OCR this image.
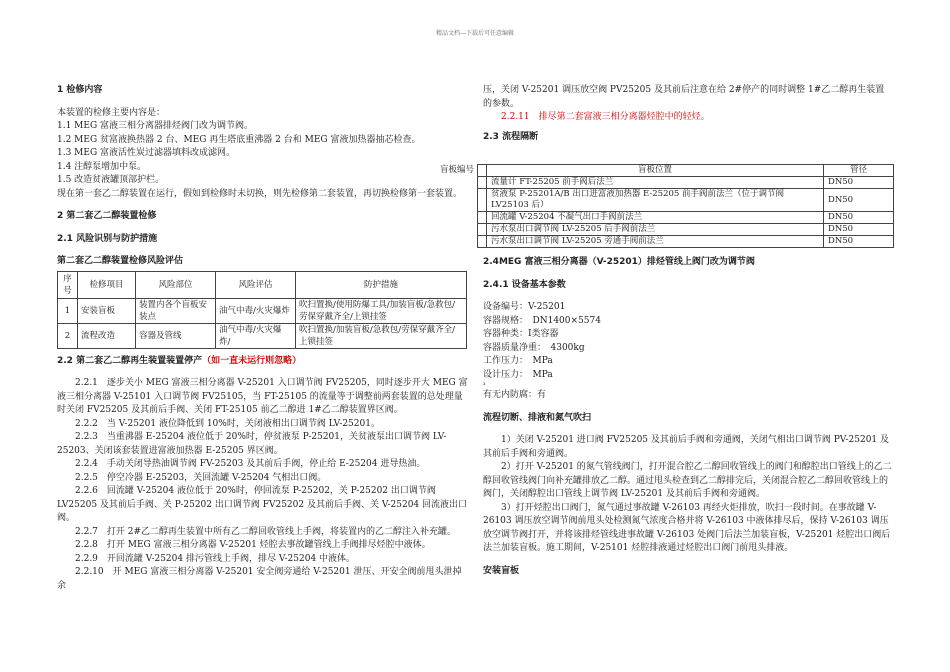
精品文档---下载后可任意编辑

1 检修内容

本装置的检修主要内容是：

1.1 MEG 富液三相分离器排烃阀门改为调节阀。

1.2 MEG 贫富液换热器 2 台、MEG 再生塔底重沸器 2 台和 MEG 富液加热器抽芯检查。

1.3 MEG 富液活性炭过滤器填料改成滤网。

1.4 注醇泵增加中泵。

1.5 改造贫液罐顶部护栏。

现在第一套乙二醇装置在运行，假如到检修时未切换，则先检修第二套装置，再切换检修第一套装置。

2 第二套乙二醇装置检修

2.1 风险识别与防护措施

第二套乙二醇装置检修风险评估

序号	检修项目	风险部位	风险评估	防护措施
1	安装盲板	装置内各个盲板安装点	油气中毒/火灾爆炸	吹扫置换/使用防爆工具/加装盲板/急救包/劳保穿戴齐全/上锁挂签
2	流程改造	容器及管线	油气中毒/火灾爆炸/	吹扫置换/加装盲板/急救包/劳保穿戴齐全/上锁挂签

2.2 第二套乙二醇再生装置装置停产（如一直未运行则忽略）

2.2.1　逐步关小 MEG 富液三相分离器 V-25201 入口调节阀 FV25205，同时逐步开大 MEG 富液三相分离器 V-25101 入口调节阀 FV25105，当 FT-25105 的流量等于调整前两套装置的总处理量时关闭 FV25205 及其前后手阀、关闭 FT-25105 前乙二醇进 1#乙二醇装置界区阀。

2.2.2　当 V-25201 液位降低到 10%时，关闭液相出口调节阀 LV-25201。

2.2.3　当重沸器 E-25204 液位低于 20%时，停贫液泵 P-25201，关贫液泵出口调节阀 LV-25203、关闭该套装置进富液加热器 E-25205 界区阀。

2.2.4　手动关闭导热油调节阀 FV-25203 及其前后手阀，停止给 E-25204 进导热油。

2.2.5　停空冷器 E-25203，关回流罐 V-25204 气相出口阀。

2.2.6　回流罐 V-25204 液位低于 20%时，停回流泵 P-25202，关 P-25202 出口调节阀 LV25205 及其前后手阀、关 P-25202 出口调节阀 FV25202 及其前后手阀、关 V-25204 回流液出口阀。

2.2.7　打开 2#乙二醇再生装置中所有乙二醇回收管线上手阀，将装置内的乙二醇注入补充罐。

2.2.8　打开 MEG 富液三相分离器 V-25201 烃腔去事故罐管线上手阀排尽烃腔中液体。

2.2.9　开回流罐 V-25204 排污管线上手阀，排尽 V-25204 中液体。

2.2.10　开 MEG 富液三相分离器 V-25201 安全阀旁通给 V-25201 泄压、开安全阀前甩头泄掉余

压，关闭 V-25201 调压放空阀 PV25205 及其前后注意在给 2#停产的同时调整 1#乙二醇再生装置的参数。

2.2.11　排尽第二套富液三相分离器烃腔中的轻烃。

2.3 流程隔断

盲板编号
		盲板位置	管径
	流量计 FT-25205 前手阀后法兰	DN50
	贫液泵 P-25201A/B 出口进富液加热器 E-25205 前手阀前法兰（位于调节阀 LV25103 后）	DN50
	回流罐 V-25204 不凝气出口手阀前法兰	DN50
	污水泵出口调节阀 LV-25205 后手阀前法兰	DN50
	污水泵出口调节阀 LV-25205 旁通手阀前法兰	DN50

2.4MEG 富液三相分离器（V-25201）排烃管线上阀门改为调节阀

2.4.1 设备基本参数

设备编号：V-25201

容器规格：　DN1400×5574

容器种类：Ⅰ类容器

容器质量净重：　4300kg

工作压力：　MPa

设计压力：　MPa

³

有无内防腐：有

流程切断、排液和氮气吹扫

1）关闭 V-25201 进口阀 FV25205 及其前后手阀和旁通阀，关闭气相出口调节阀 PV-25201 及其前后手阀和旁通阀。

2）打开 V-25201 的氮气管线阀门，打开混合腔乙二醇回收管线上的阀门和醇腔出口管线上的乙二醇回收管线阀门向补充罐排放乙二醇。通过甩头检查到乙二醇排完后，关闭混合腔乙二醇回收管线上的阀门，关闭醇腔出口管线上调节阀 LV-25201 及其前后手阀和旁通阀。

3）打开烃腔出口阀门，氮气通过事故罐 V-26103 再经火炬排放，吹扫一段时间。在事故罐 V-26103 调压放空调节阀前甩头处检测氮气浓度合格并将 V-26103 中液体排尽后，保持 V-26103 调压放空调节阀打开，并将该排烃管线进事故罐 V-26103 处阀门后法兰加装盲板，V-25201 烃腔出口阀后法兰加装盲板。施工期间，V-25101 烃腔排液通过烃腔出口阀门前甩头排液。

安装盲板
